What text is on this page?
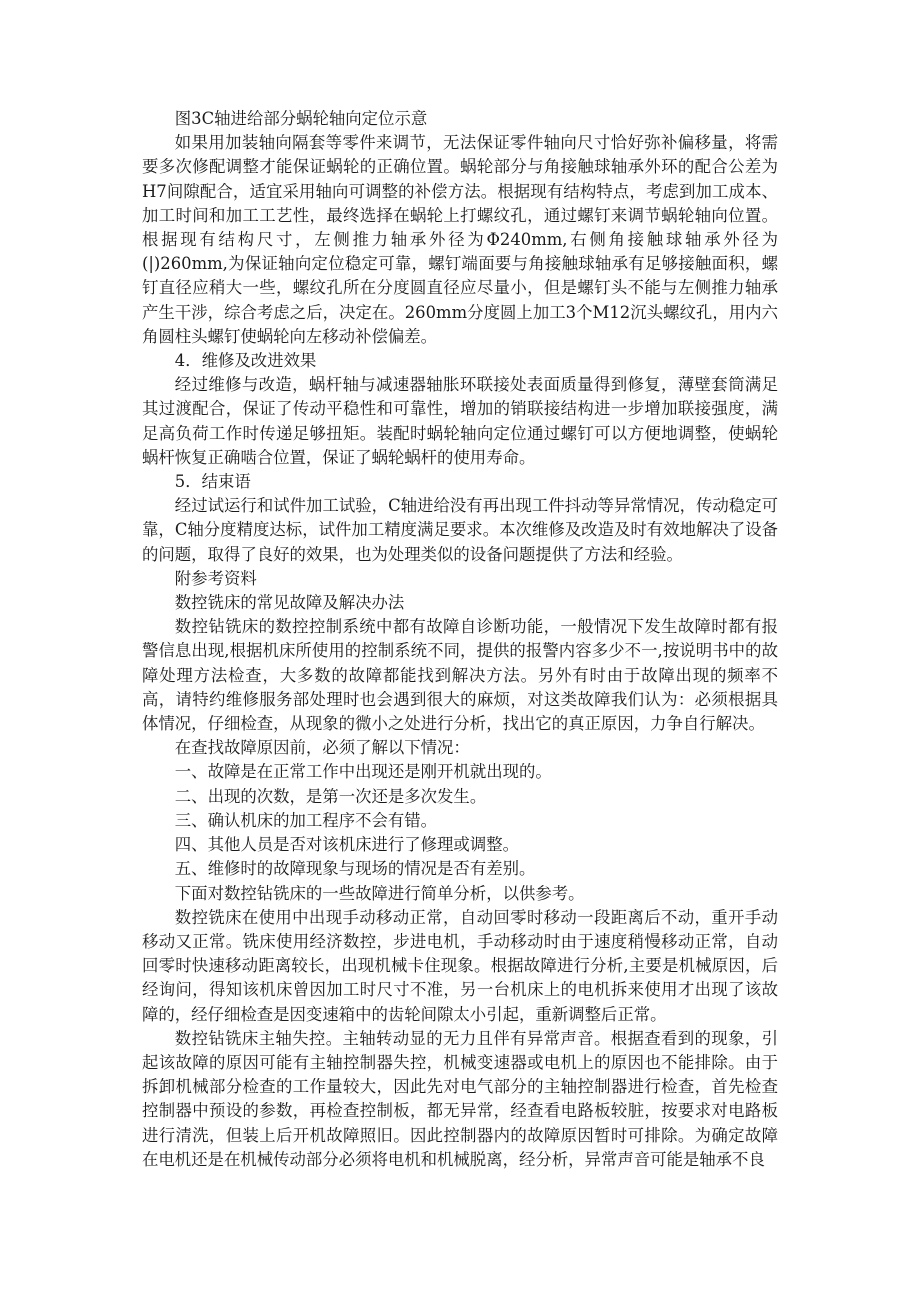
图3C轴进给部分蜗轮轴向定位示意

如果用加装轴向隔套等零件来调节，无法保证零件轴向尺寸恰好弥补偏移量，将需要多次修配调整才能保证蜗轮的正确位置。蜗轮部分与角接触球轴承外环的配合公差为H7间隙配合，适宜采用轴向可调整的补偿方法。根据现有结构特点，考虑到加工成本、加工时间和加工工艺性，最终选择在蜗轮上打螺纹孔，通过螺钉来调节蜗轮轴向位置。根据现有结构尺寸，左侧推力轴承外径为Φ240mm,右侧角接触球轴承外径为(|)260mm,为保证轴向定位稳定可靠，螺钉端面要与角接触球轴承有足够接触面积，螺钉直径应稍大一些，螺纹孔所在分度圆直径应尽量小，但是螺钉头不能与左侧推力轴承产生干涉，综合考虑之后，决定在。260mm分度圆上加工3个M12沉头螺纹孔，用内六角圆柱头螺钉使蜗轮向左移动补偿偏差。

4．维修及改进效果

经过维修与改造，蜗杆轴与减速器轴胀环联接处表面质量得到修复，薄壁套筒满足其过渡配合，保证了传动平稳性和可靠性，增加的销联接结构进一步增加联接强度，满足高负荷工作时传递足够扭矩。装配时蜗轮轴向定位通过螺钉可以方便地调整，使蜗轮蜗杆恢复正确啮合位置，保证了蜗轮蜗杆的使用寿命。

5．结束语

经过试运行和试件加工试验，C轴进给没有再出现工件抖动等异常情况，传动稳定可靠，C轴分度精度达标，试件加工精度满足要求。本次维修及改造及时有效地解决了设备的问题，取得了良好的效果，也为处理类似的设备问题提供了方法和经验。

附参考资料

数控铣床的常见故障及解决办法

数控钻铣床的数控控制系统中都有故障自诊断功能，一般情况下发生故障时都有报警信息出现,根据机床所使用的控制系统不同，提供的报警内容多少不一,按说明书中的故障处理方法检查，大多数的故障都能找到解决方法。另外有时由于故障出现的频率不高，请特约维修服务部处理时也会遇到很大的麻烦，对这类故障我们认为：必须根据具体情况，仔细检查，从现象的微小之处进行分析，找出它的真正原因，力争自行解决。

在查找故障原因前，必须了解以下情况：

一、故障是在正常工作中出现还是刚开机就出现的。

二、出现的次数，是第一次还是多次发生。

三、确认机床的加工程序不会有错。

四、其他人员是否对该机床进行了修理或调整。

五、维修时的故障现象与现场的情况是否有差别。

下面对数控钻铣床的一些故障进行简单分析，以供参考。

数控铣床在使用中出现手动移动正常，自动回零时移动一段距离后不动，重开手动移动又正常。铣床使用经济数控，步进电机，手动移动时由于速度稍慢移动正常，自动回零时快速移动距离较长，出现机械卡住现象。根据故障进行分析,主要是机械原因，后经询问，得知该机床曾因加工时尺寸不准，另一台机床上的电机拆来使用才出现了该故障的，经仔细检查是因变速箱中的齿轮间隙太小引起，重新调整后正常。

数控钻铣床主轴失控。主轴转动显的无力且伴有异常声音。根据查看到的现象，引起该故障的原因可能有主轴控制器失控，机械变速器或电机上的原因也不能排除。由于拆卸机械部分检查的工作量较大，因此先对电气部分的主轴控制器进行检查，首先检查控制器中预设的参数，再检查控制板，都无异常，经查看电路板较脏，按要求对电路板进行清洗，但装上后开机故障照旧。因此控制器内的故障原因暂时可排除。为确定故障在电机还是在机械传动部分必须将电机和机械脱离，经分析，异常声音可能是轴承不良
